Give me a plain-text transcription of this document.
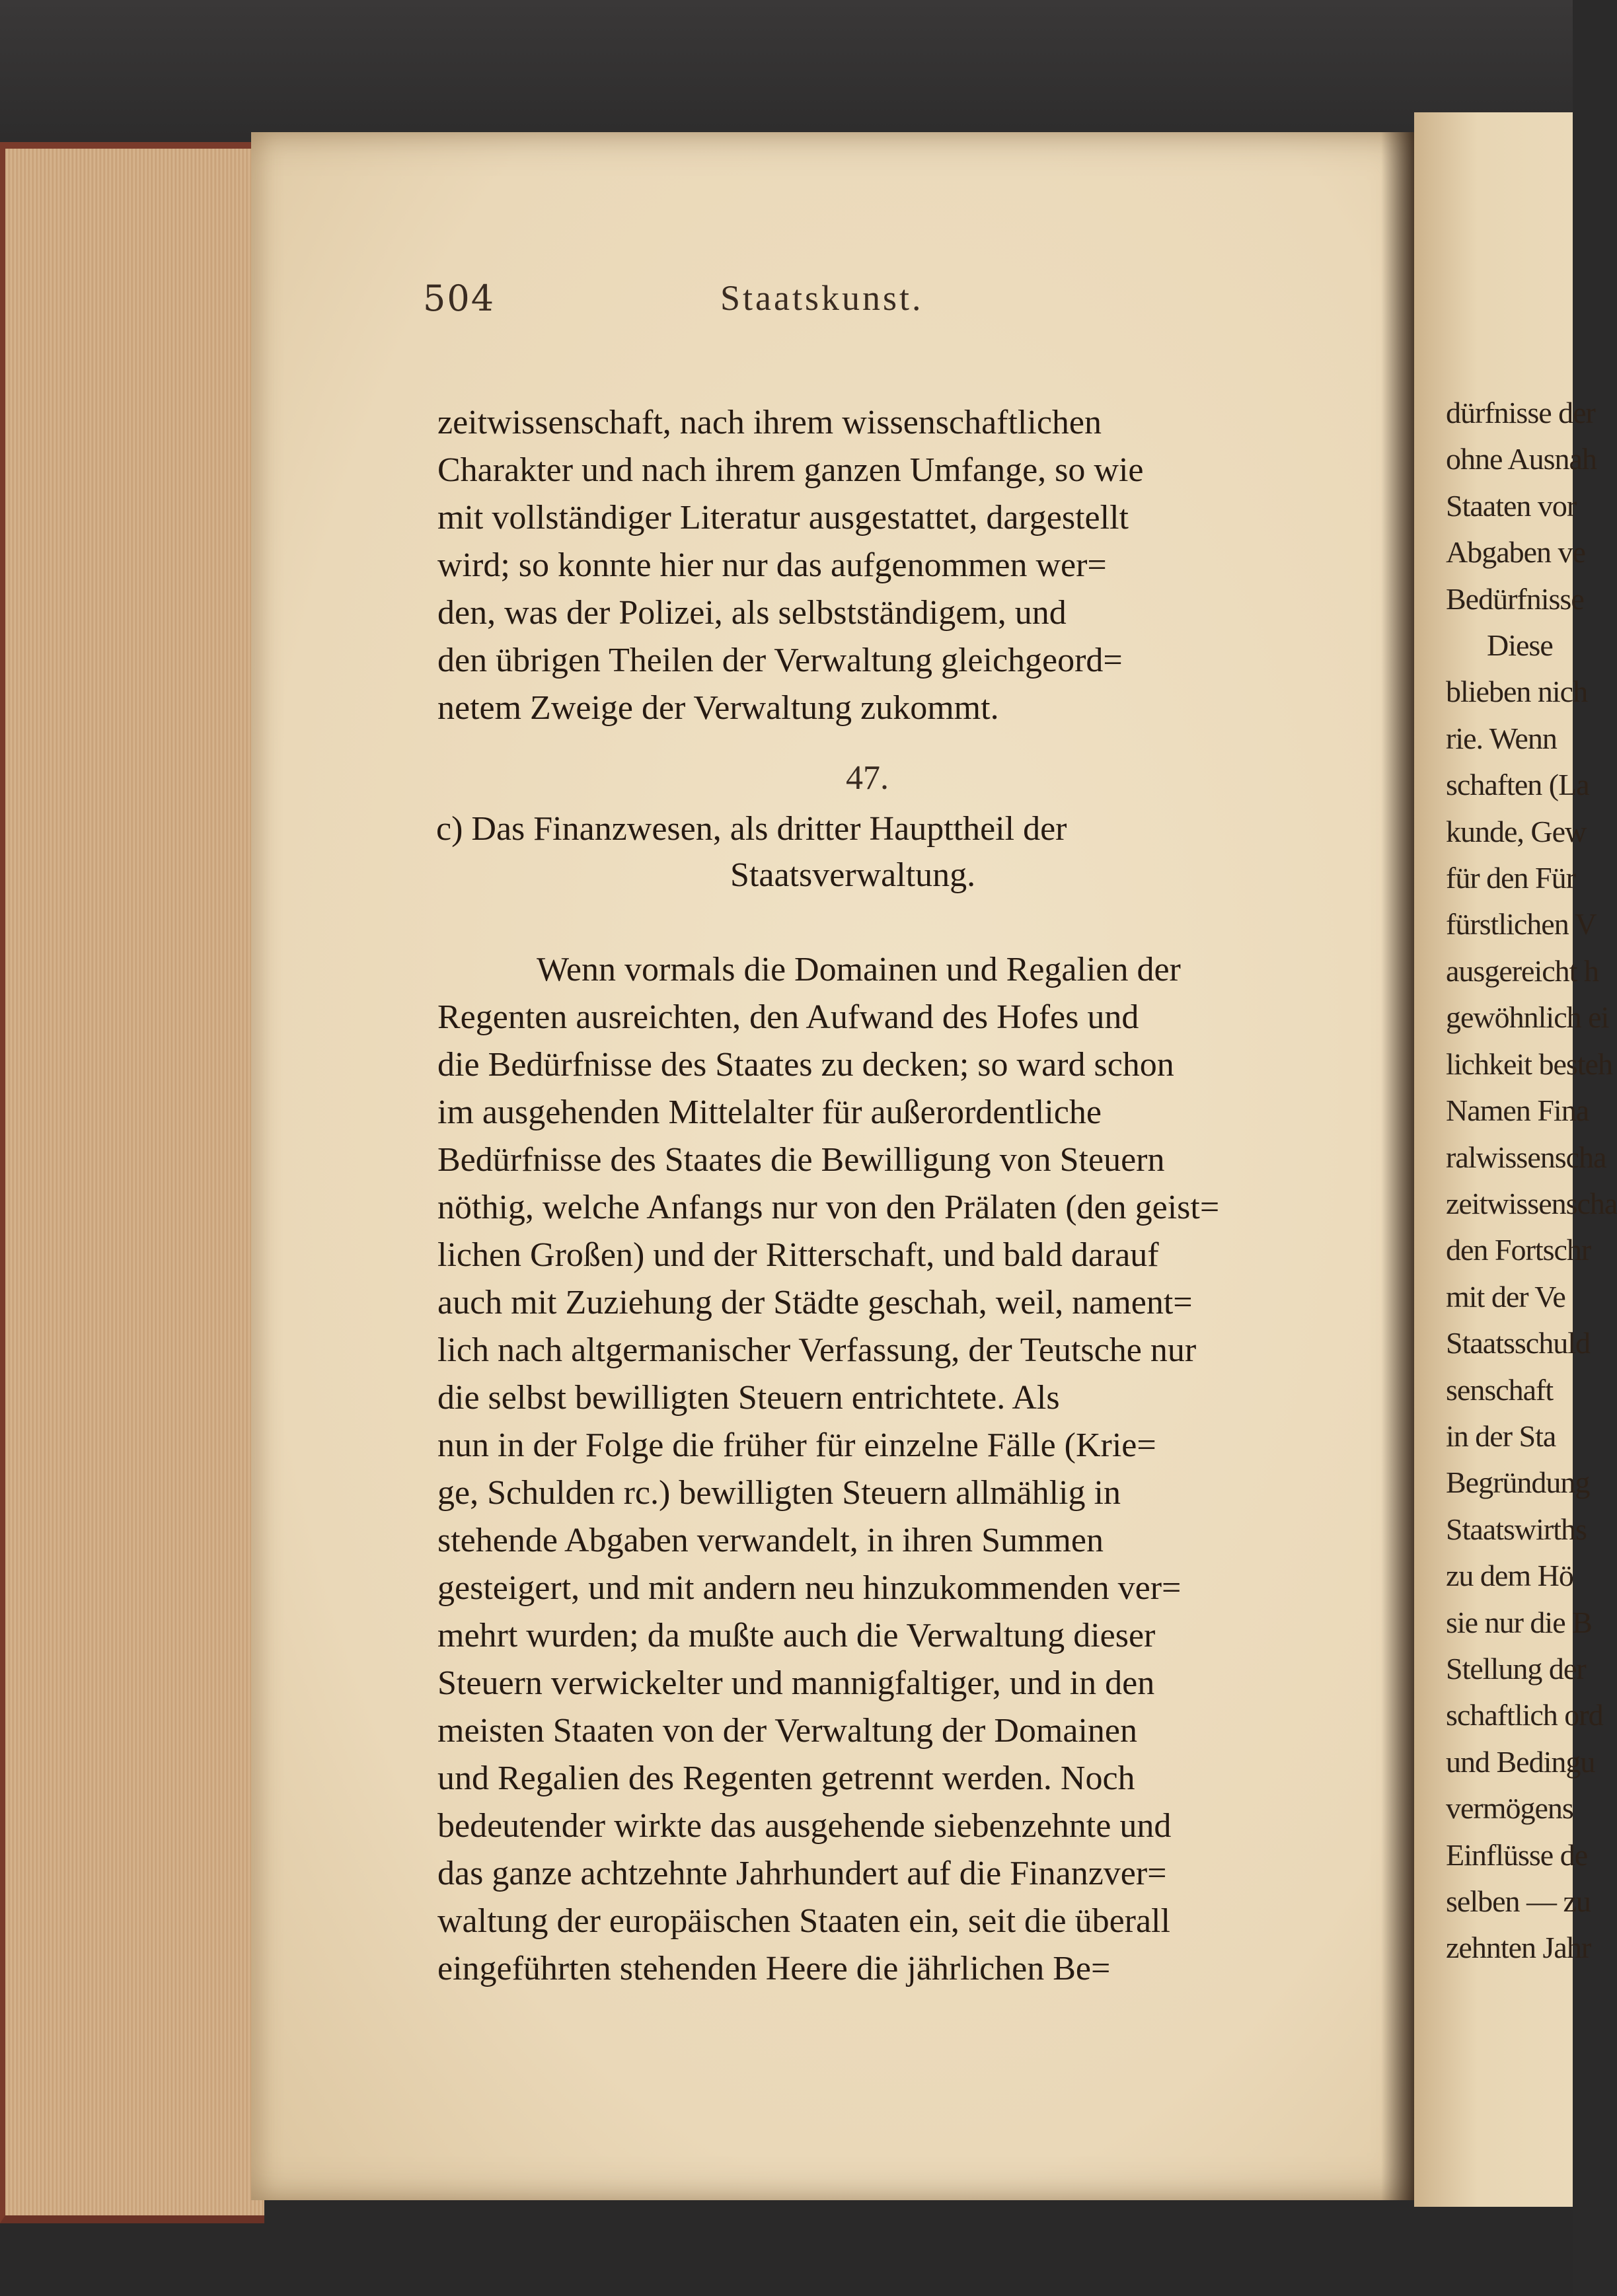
dürfnisse der
ohne Ausnah
Staaten vor
Abgaben ve
Bedürfnisse
Diese
blieben nich
rie. Wenn
schaften (La
kunde, Gew
für den Für
fürstlichen V
ausgereicht h
gewöhnlich ei
lichkeit besteh
Namen Fina
ralwissenscha
zeitwissenscha
den Fortschr
mit der Ve
Staatsschuld
senschaft
in der Sta
Begründung
Staatswirths
zu dem Hö
sie nur die B
Stellung der
schaftlich ord
und Bedingu
vermögens
Einflüsse de
selben — zu
zehnten Jahr
504	Staatskunst.
zeitwissenschaft, nach ihrem wissenschaftlichen
Charakter und nach ihrem ganzen Umfange, so wie
mit vollständiger Literatur ausgestattet, dargestellt
wird; so konnte hier nur das aufgenommen wer=
den, was der Polizei, als selbstständigem, und
den übrigen Theilen der Verwaltung gleichgeord=
netem Zweige der Verwaltung zukommt.
47.
c) Das Finanzwesen, als dritter Haupttheil der
Staatsverwaltung.
Wenn vormals die Domainen und Regalien der
Regenten ausreichten, den Aufwand des Hofes und
die Bedürfnisse des Staates zu decken; so ward schon
im ausgehenden Mittelalter für außerordentliche
Bedürfnisse des Staates die Bewilligung von Steuern
nöthig, welche Anfangs nur von den Prälaten (den geist=
lichen Großen) und der Ritterschaft, und bald darauf
auch mit Zuziehung der Städte geschah, weil, nament=
lich nach altgermanischer Verfassung, der Teutsche nur
die selbst bewilligten Steuern entrichtete. Als
nun in der Folge die früher für einzelne Fälle (Krie=
ge, Schulden rc.) bewilligten Steuern allmählig in
stehende Abgaben verwandelt, in ihren Summen
gesteigert, und mit andern neu hinzukommenden ver=
mehrt wurden; da mußte auch die Verwaltung dieser
Steuern verwickelter und mannigfaltiger, und in den
meisten Staaten von der Verwaltung der Domainen
und Regalien des Regenten getrennt werden. Noch
bedeutender wirkte das ausgehende siebenzehnte und
das ganze achtzehnte Jahrhundert auf die Finanzver=
waltung der europäischen Staaten ein, seit die überall
eingeführten stehenden Heere die jährlichen Be=
